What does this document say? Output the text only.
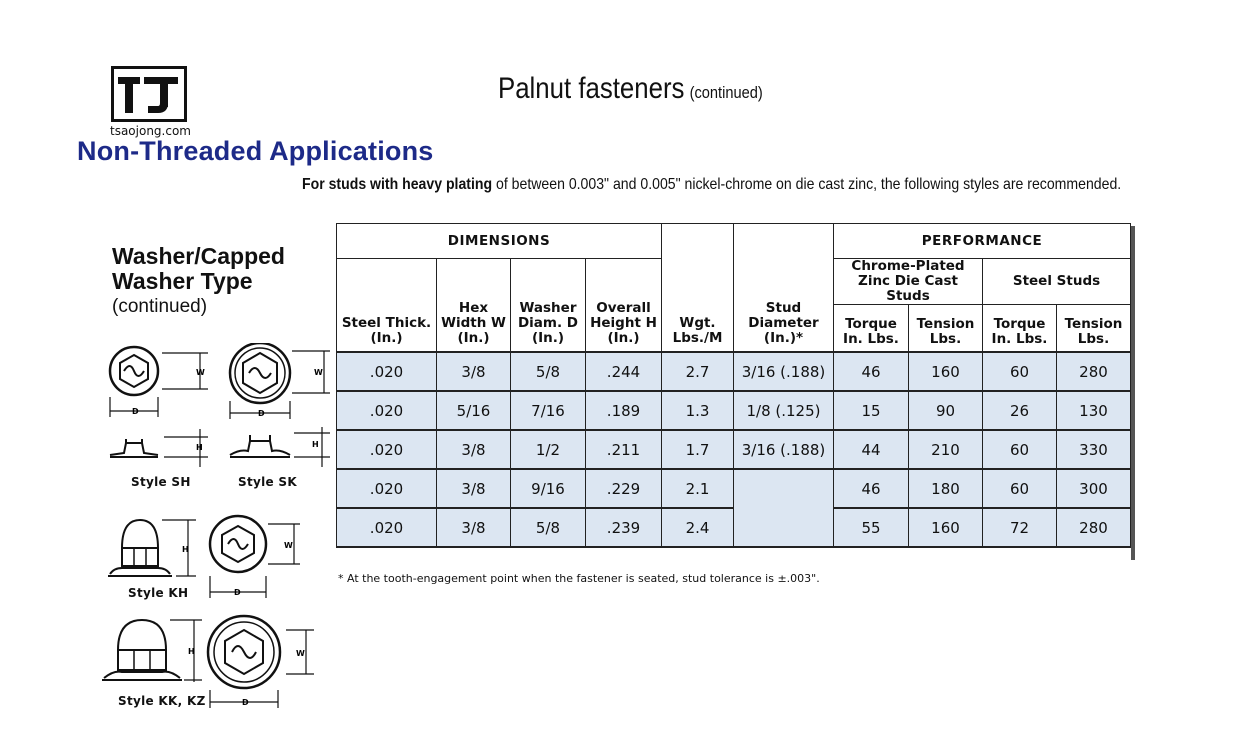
tsaojong.com
Non-Threaded Applications
Palnut fasteners (continued)
For studs with heavy plating of between 0.003" and 0.005" nickel-chrome on die cast zinc, the following styles are recommended.
Washer/Capped
Washer Type
(continued)
W
D
H
Style SH
W
D
H
Style SK
H
Style KH
W
D
H
Style KK, KZ
W
D
DIMENSIONS				Wgt. Lbs./M	Stud Diameter (In.)*	PERFORMANCE			
Steel Thick. (In.)	Hex Width W (In.)	Washer Diam. D (In.)	Overall Height H (In.)			Chrome-Plated Zinc Die Cast Studs		Steel Studs	
						Torque In. Lbs.	Tension Lbs.	Torque In. Lbs.	Tension Lbs.
.020	3/8	5/8	.244	2.7	3/16 (.188)	46	160	60	280
.020	5/16	7/16	.189	1.3	1/8 (.125)	15	90	26	130
.020	3/8	1/2	.211	1.7	3/16 (.188)	44	210	60	330
.020	3/8	9/16	.229	2.1		46	180	60	300
.020	3/8	5/8	.239	2.4		55	160	72	280
* At the tooth-engagement point when the fastener is seated, stud tolerance is ±.003".
